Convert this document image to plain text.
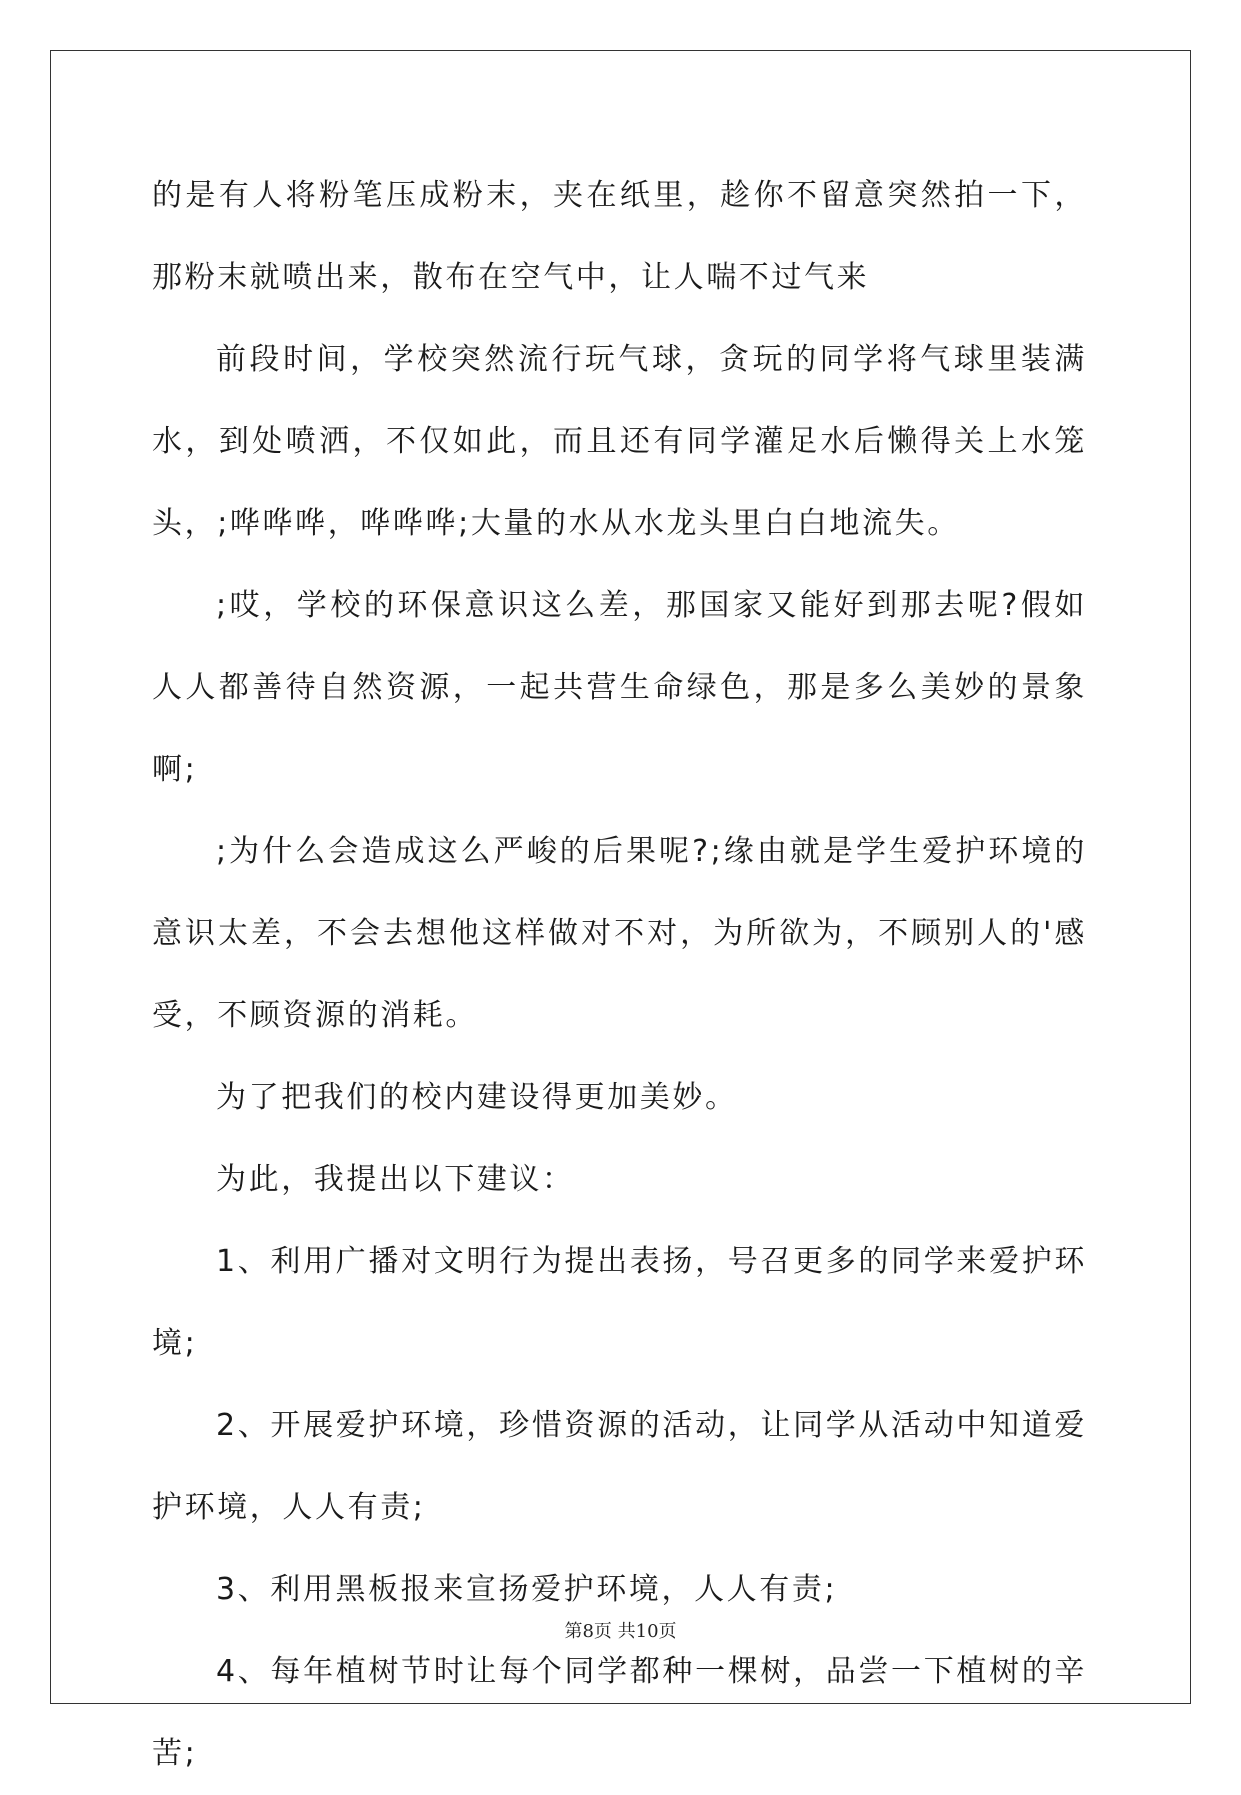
的是有人将粉笔压成粉末，夹在纸里，趁你不留意突然拍一下，那粉末就喷出来，散布在空气中，让人喘不过气来

前段时间，学校突然流行玩气球，贪玩的同学将气球里装满水，到处喷洒，不仅如此，而且还有同学灌足水后懒得关上水笼头，;哗哗哗，哗哗哗;大量的水从水龙头里白白地流失。

;哎，学校的环保意识这么差，那国家又能好到那去呢?假如人人都善待自然资源，一起共营生命绿色，那是多么美妙的景象啊;

;为什么会造成这么严峻的后果呢?;缘由就是学生爱护环境的意识太差，不会去想他这样做对不对，为所欲为，不顾别人的'感受，不顾资源的消耗。

为了把我们的校内建设得更加美妙。

为此，我提出以下建议：

1、利用广播对文明行为提出表扬，号召更多的同学来爱护环境;

2、开展爱护环境，珍惜资源的活动，让同学从活动中知道爱护环境，人人有责;

3、利用黑板报来宣扬爱护环境，人人有责;

4、每年植树节时让每个同学都种一棵树，品尝一下植树的辛苦;

第8页 共10页
